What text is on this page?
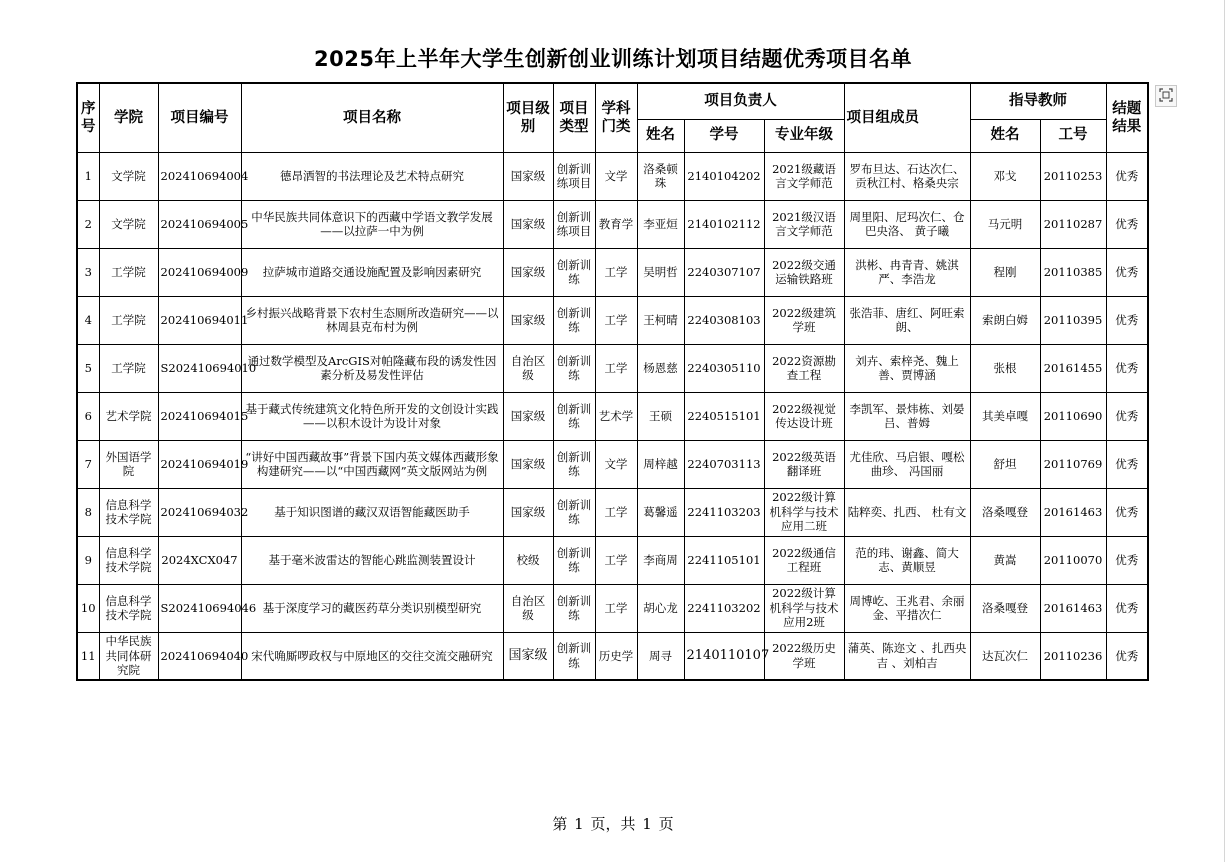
2025年上半年大学生创新创业训练计划项目结题优秀项目名单
序号	学院	项目编号	项目名称	项目级别	项目类型	学科门类	项目负责人			项目组成员	指导教师		结题结果
							姓名	学号	专业年级		姓名	工号	
1	文学院	202410694004	德昂洒智的书法理论及艺术特点研究	国家级	创新训练项目	文学	洛桑顿珠	2140104202	2021级藏语言文学师范	罗布旦达、石达次仁、贡秋江村、格桑央宗	邓戈	20110253	优秀
2	文学院	202410694005	中华民族共同体意识下的西藏中学语文教学发展——以拉萨一中为例	国家级	创新训练项目	教育学	李亚烜	2140102112	2021级汉语言文学师范	周里阳、尼玛次仁、仓巴央洛、 黄子曦	马元明	20110287	优秀
3	工学院	202410694009	拉萨城市道路交通设施配置及影响因素研究	国家级	创新训练	工学	吴明哲	2240307107	2022级交通运输铁路班	洪彬、冉青青、姚淇严、李浩龙	程刚	20110385	优秀
4	工学院	202410694011	乡村振兴战略背景下农村生态厕所改造研究——以林周县克布村为例	国家级	创新训练	工学	王柯晴	2240308103	2022级建筑学班	张浩菲、唐红、阿旺索朗、	索朗白姆	20110395	优秀
5	工学院	S202410694010	通过数学模型及ArcGIS对帕隆藏布段的诱发性因素分析及易发性评估	自治区级	创新训练	工学	杨恩慈	2240305110	2022资源勘查工程	刘卉、索梓尧、魏上善、贾博涵	张根	20161455	优秀
6	艺术学院	202410694015	基于藏式传统建筑文化特色所开发的文创设计实践——以积木设计为设计对象	国家级	创新训练	艺术学	王硕	2240515101	2022级视觉传达设计班	李凯军、景炜栋、刘晏吕、普姆	其美卓嘎	20110690	优秀
7	外国语学院	202410694019	“讲好中国西藏故事”背景下国内英文媒体西藏形象构建研究——以“中国西藏网”英文版网站为例	国家级	创新训练	文学	周梓越	2240703113	2022级英语翻译班	尤佳欣、马启银、嘎松曲珍、 冯国丽	舒坦	20110769	优秀
8	信息科学技术学院	202410694032	基于知识图谱的藏汉双语智能藏医助手	国家级	创新训练	工学	葛馨遥	2241103203	2022级计算机科学与技术应用二班	陆粹奕、扎西、 杜有文	洛桑嘎登	20161463	优秀
9	信息科学技术学院	2024XCX047	基于毫米波雷达的智能心跳监测装置设计	校级	创新训练	工学	李商周	2241105101	2022级通信工程班	范的玮、谢鑫、简大志、黄顺昱	黄嵩	20110070	优秀
10	信息科学技术学院	S202410694046	基于深度学习的藏医药草分类识别模型研究	自治区级	创新训练	工学	胡心龙	2241103202	2022级计算机科学与技术应用2班	周博屹、王兆君、余丽金、平措次仁	洛桑嘎登	20161463	优秀
11	中华民族共同体研究院	202410694040	宋代唃厮啰政权与中原地区的交往交流交融研究	国家级	创新训练	历史学	周寻	2140110107	2022级历史学班	蒲英、陈迩文 、扎西央吉 、刘柏吉	达瓦次仁	20110236	优秀
第 1 页，共 1 页
